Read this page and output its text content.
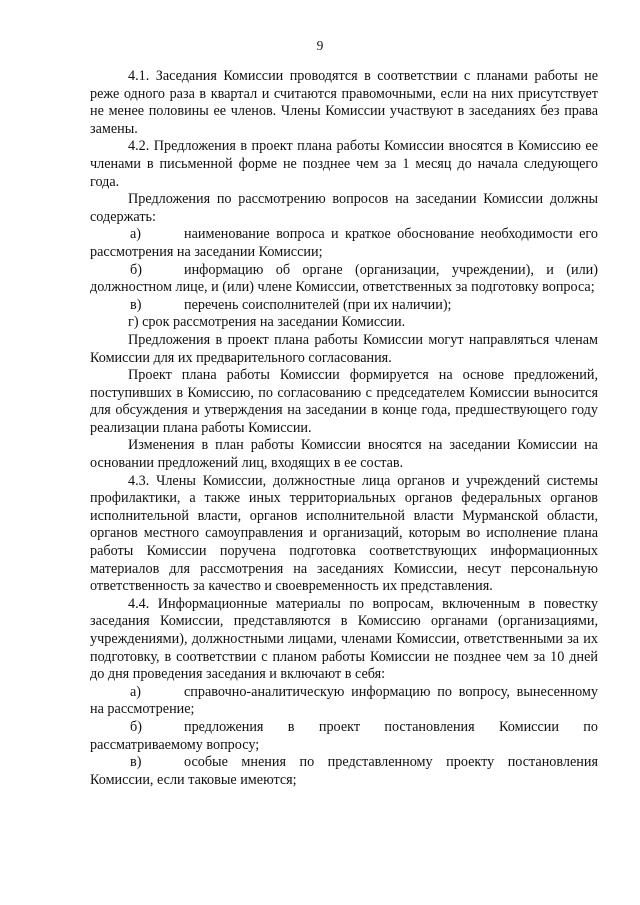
9

4.1. Заседания Комиссии проводятся в соответствии с планами работы не реже одного раза в квартал и считаются правомочными, если на них присутствует не менее половины ее членов. Члены Комиссии участвуют в заседаниях без права замены.

4.2. Предложения в проект плана работы Комиссии вносятся в Комиссию ее членами в письменной форме не позднее чем за 1 месяц до начала следующего года.

Предложения по рассмотрению вопросов на заседании Комиссии должны содержать:

а)	наименование вопроса и краткое обоснование необходимости его рассмотрения на заседании Комиссии;

б)	информацию об органе (организации, учреждении), и (или) должностном лице, и (или) члене Комиссии, ответственных за подготовку вопроса;

в)	перечень соисполнителей (при их наличии);

г) срок рассмотрения на заседании Комиссии.

Предложения в проект плана работы Комиссии могут направляться членам Комиссии для их предварительного согласования.

Проект плана работы Комиссии формируется на основе предложений, поступивших в Комиссию, по согласованию с председателем Комиссии выносится для обсуждения и утверждения на заседании в конце года, предшествующего году реализации плана работы Комиссии.

Изменения в план работы Комиссии вносятся на заседании Комиссии на основании предложений лиц, входящих в ее состав.

4.3. Члены Комиссии, должностные лица органов и учреждений системы профилактики, а также иных территориальных органов федеральных органов исполнительной власти, органов исполнительной власти Мурманской области, органов местного самоуправления и организаций, которым во исполнение плана работы Комиссии поручена подготовка соответствующих информационных материалов для рассмотрения на заседаниях Комиссии, несут персональную ответственность за качество и своевременность их представления.

4.4. Информационные материалы по вопросам, включенным в повестку заседания Комиссии, представляются в Комиссию органами (организациями, учреждениями), должностными лицами, членами Комиссии, ответственными за их подготовку, в соответствии с планом работы Комиссии не позднее чем за 10 дней до дня проведения заседания и включают в себя:

а)	справочно-аналитическую информацию по вопросу, вынесенному на рассмотрение;

б)	предложения в проект постановления Комиссии по рассматриваемому вопросу;

в)	особые мнения по представленному проекту постановления Комиссии, если таковые имеются;
